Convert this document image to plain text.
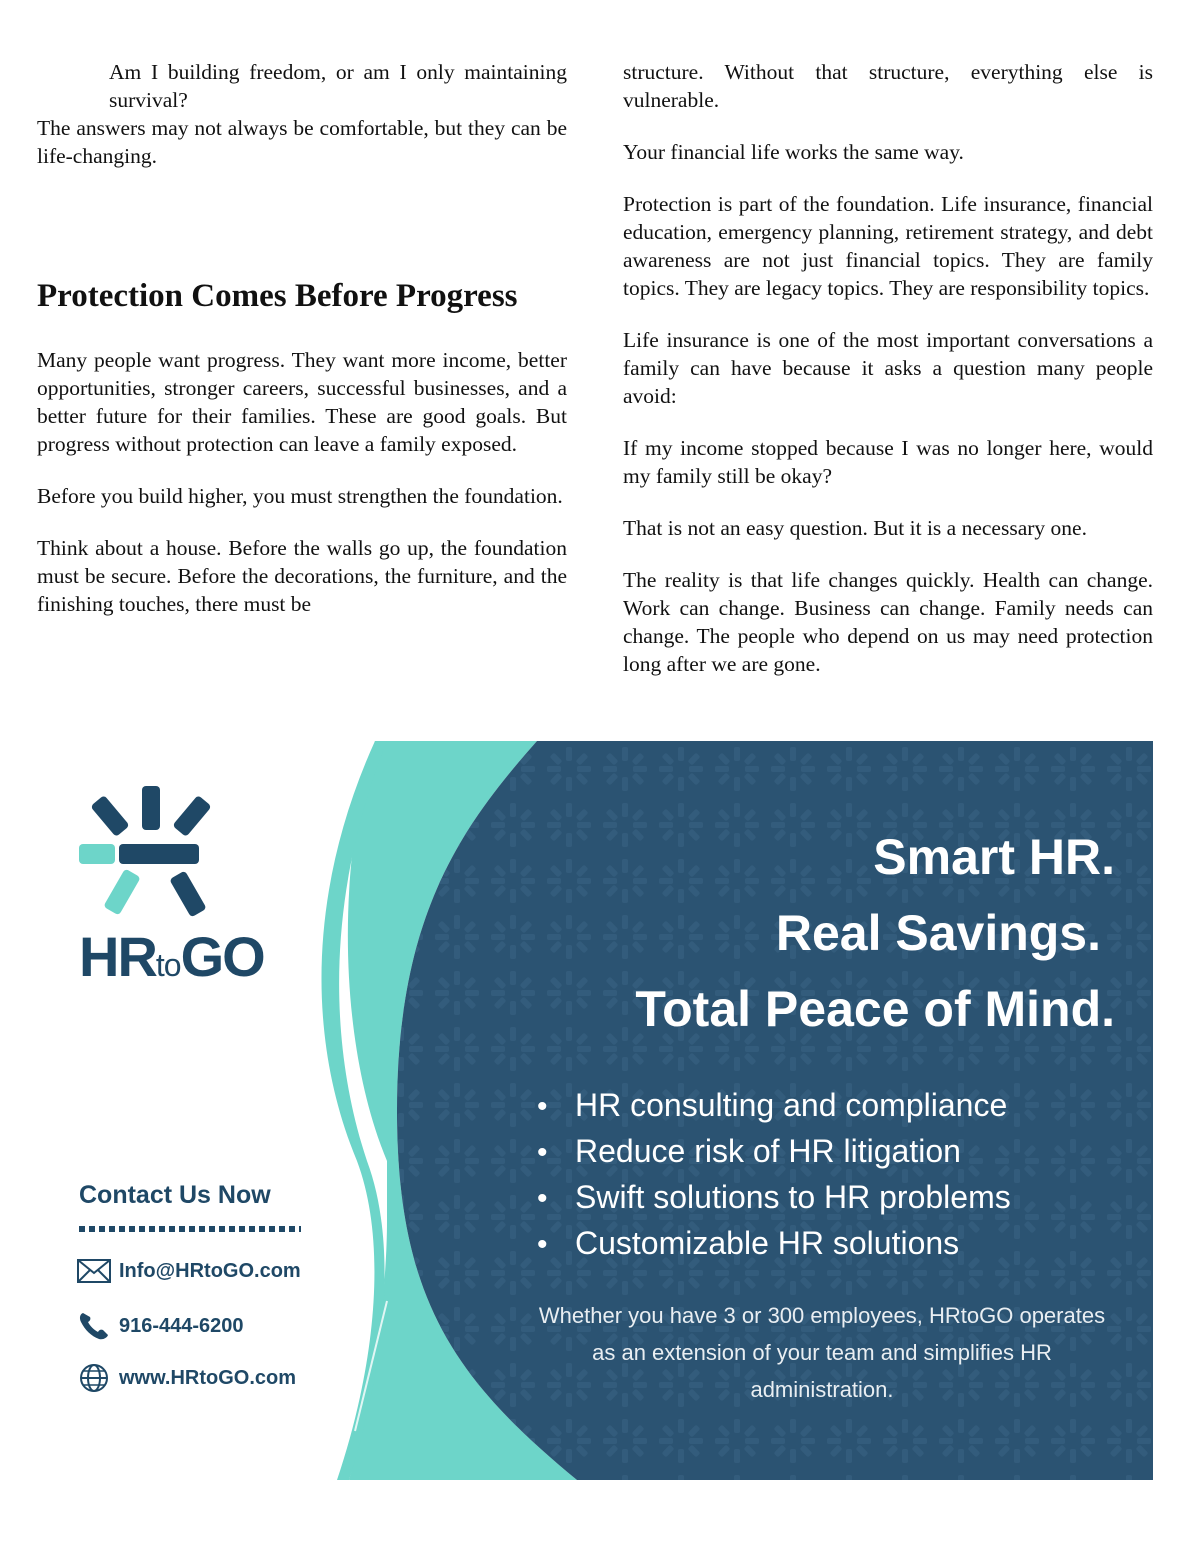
Am I building freedom, or am I only maintaining survival?

The answers may not always be comfortable, but they can be life-changing.

Protection Comes Before Progress

Many people want progress. They want more income, better opportunities, stronger careers, successful businesses, and a better future for their families. These are good goals. But progress without protection can leave a family exposed.

Before you build higher, you must strengthen the foundation.

Think about a house. Before the walls go up, the foundation must be secure. Before the decorations, the furniture, and the finishing touches, there must be

structure. Without that structure, everything else is vulnerable.

Your financial life works the same way.

Protection is part of the foundation. Life insurance, financial education, emergency planning, retirement strategy, and debt awareness are not just financial topics. They are family topics. They are legacy topics. They are responsibility topics.

Life insurance is one of the most important conversations a family can have because it asks a question many people avoid:

If my income stopped because I was no longer here, would my family still be okay?

That is not an easy question. But it is a necessary one.

The reality is that life changes quickly. Health can change. Work can change. Business can change. Family needs can change. The people who depend on us may need protection long after we are gone.

HRtoGO
Contact Us Now
Info@HRtoGO.com
916-444-6200
www.HRtoGO.com
Smart HR.
Real Savings.
Total Peace of Mind.
• HR consulting and compliance
• Reduce risk of HR litigation
• Swift solutions to HR problems
• Customizable HR solutions
Whether you have 3 or 300 employees, HRtoGO operates as an extension of your team and simplifies HR administration.
